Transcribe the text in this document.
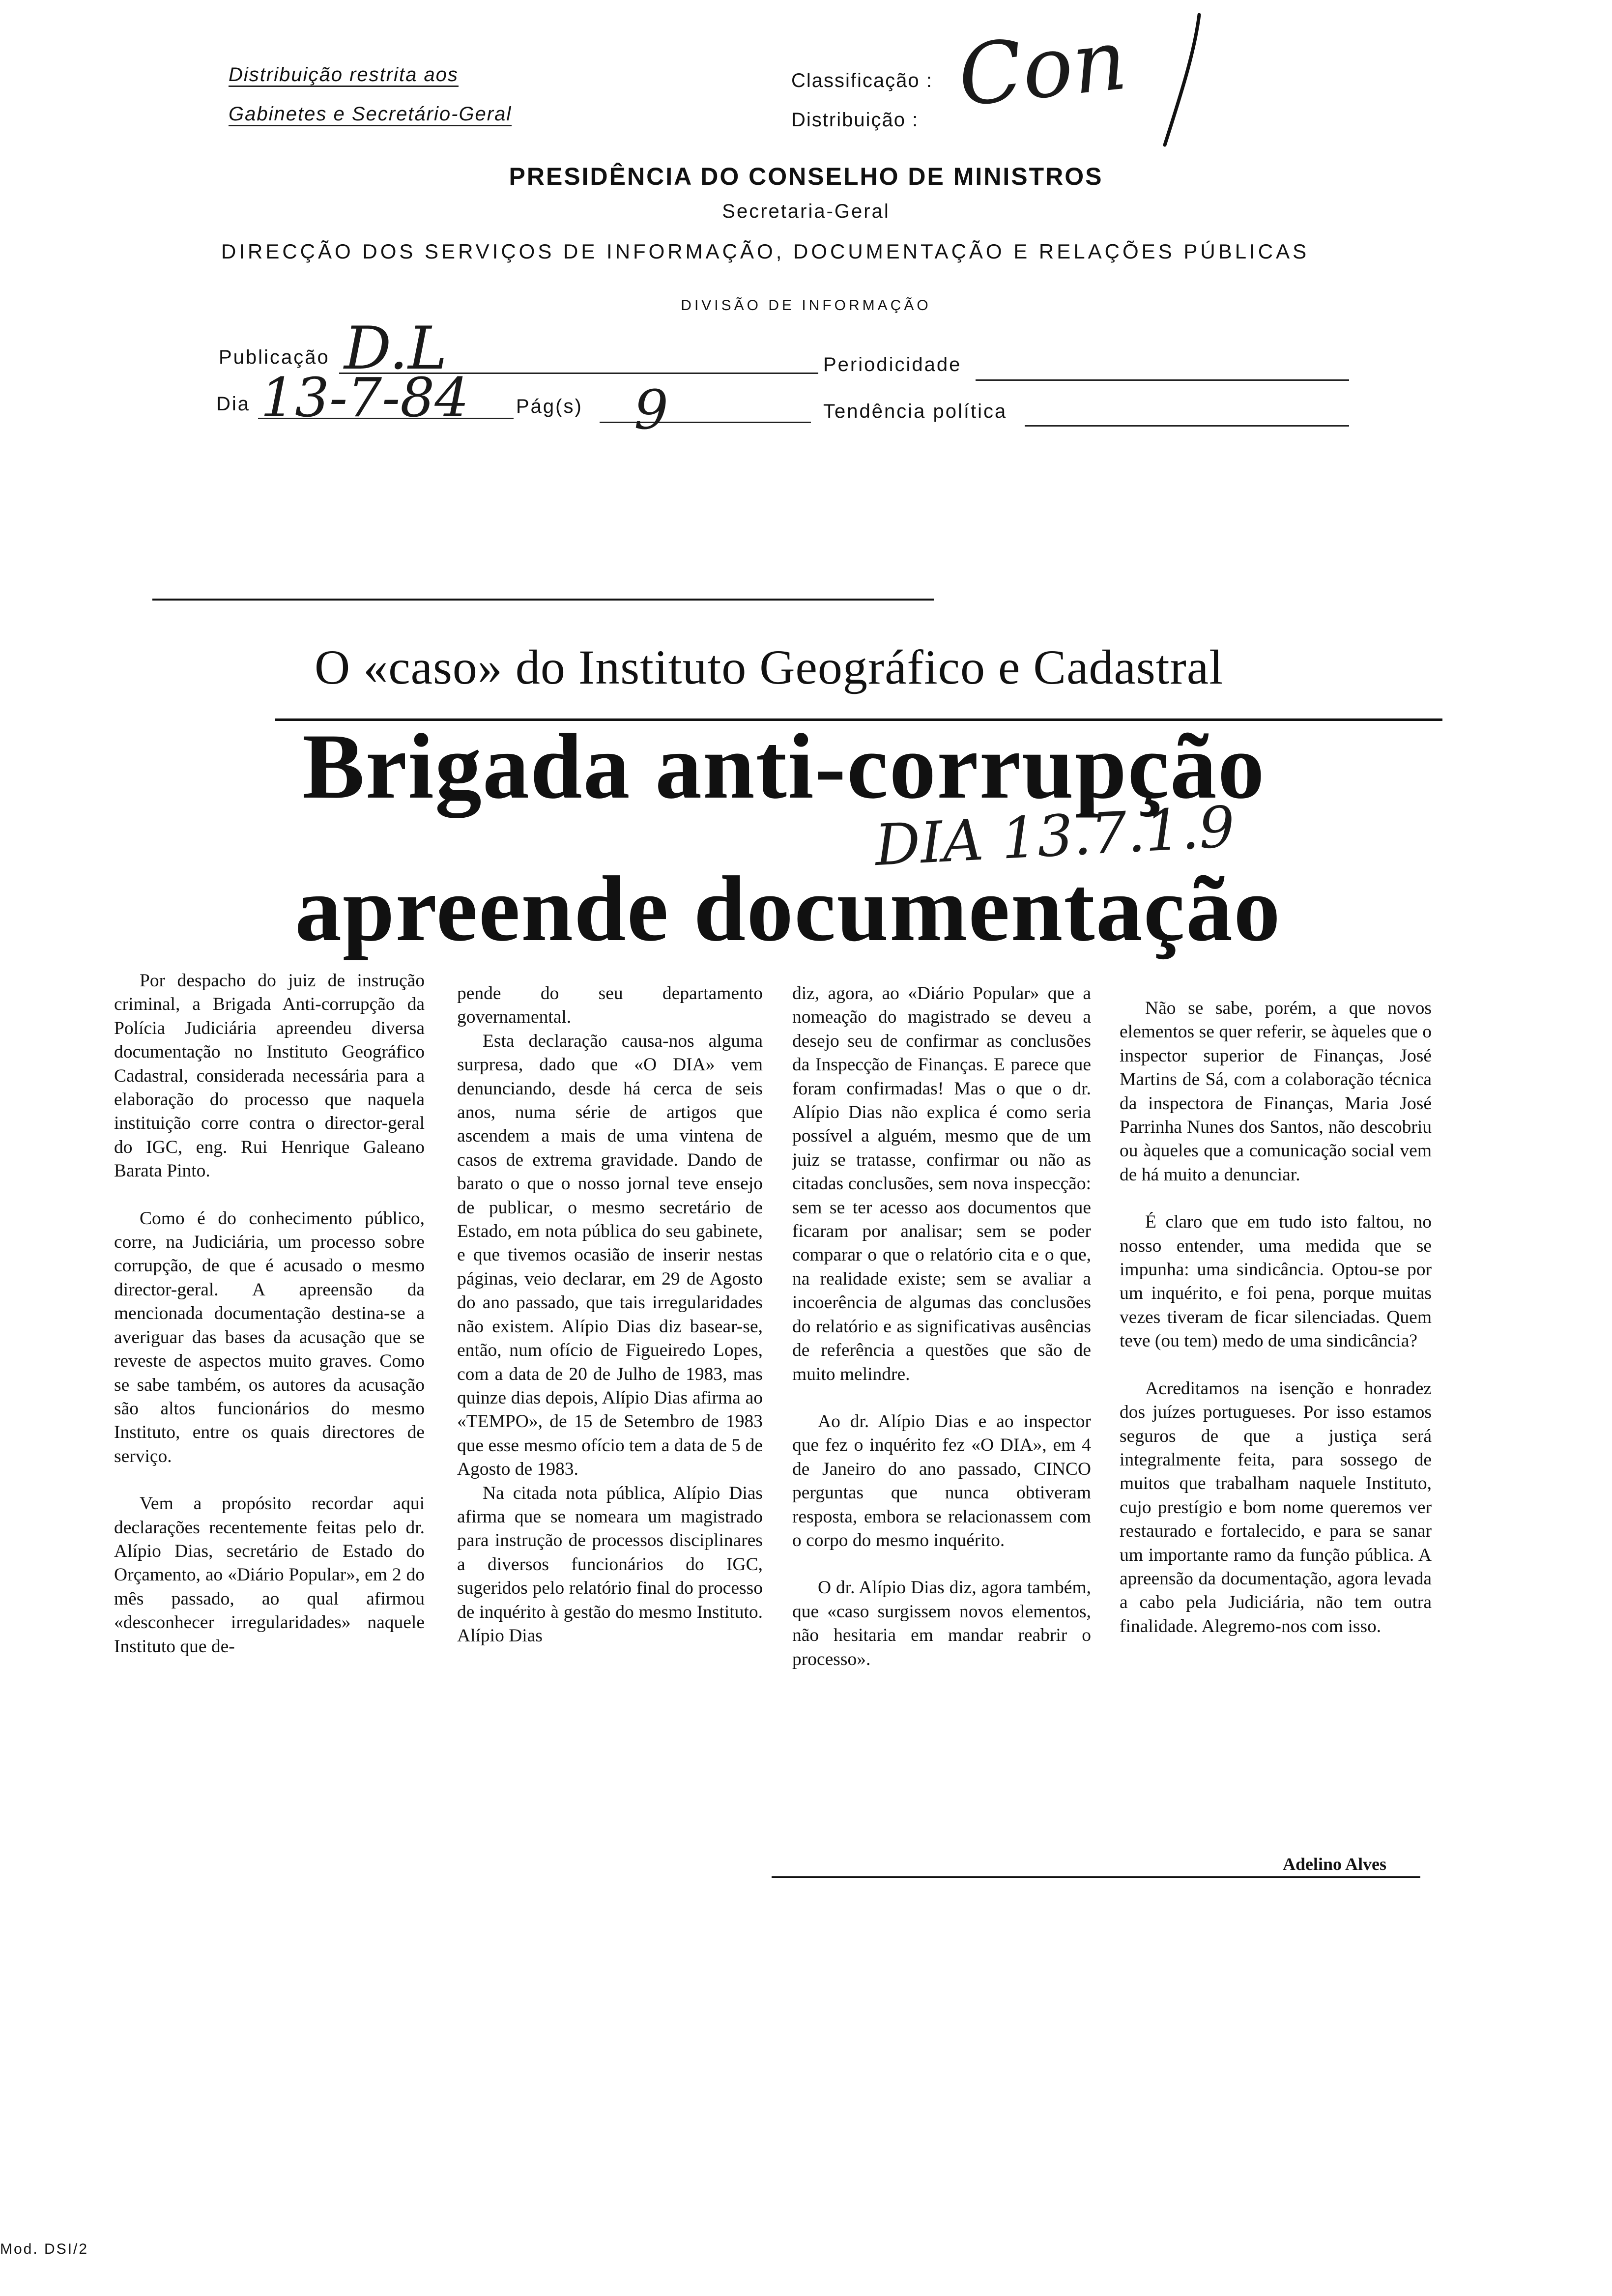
Distribuição restrita aos
Gabinetes e Secretário-Geral
Classificação :
Distribuição : Con
PRESIDÊNCIA DO CONSELHO DE MINISTROS
Secretaria-Geral
DIRECÇÃO DOS SERVIÇOS DE INFORMAÇÃO, DOCUMENTAÇÃO E RELAÇÕES PÚBLICAS
DIVISÃO DE INFORMAÇÃO
Publicação D.L	Periodicidade
Dia 13-7-84 Pág(s) 9	Tendência política
O «caso» do Instituto Geográfico e Cadastral
Brigada anti-corrupção
DIA 13.7.1.9
apreende documentação

Por despacho do juiz de instrução criminal, a Brigada Anti-corrupção da Polícia Judiciária apreendeu diversa documentação no Instituto Geográfico Cadastral, considerada necessária para a elaboração do processo que naquela instituição corre contra o director-geral do IGC, eng. Rui Henrique Galeano Barata Pinto.

Como é do conhecimento público, corre, na Judiciária, um processo sobre corrupção, de que é acusado o mesmo director-geral. A apreensão da mencionada documentação destina-se a averiguar das bases da acusação que se reveste de aspectos muito graves. Como se sabe também, os autores da acusação são altos funcionários do mesmo Instituto, entre os quais directores de serviço.

Vem a propósito recordar aqui declarações recentemente feitas pelo dr. Alípio Dias, secretário de Estado do Orçamento, ao «Diário Popular», em 2 do mês passado, ao qual afirmou «desconhecer irregularidades» naquele Instituto que de-

pende do seu departamento governamental.

Esta declaração causa-nos alguma surpresa, dado que «O DIA» vem denunciando, desde há cerca de seis anos, numa série de artigos que ascendem a mais de uma vintena de casos de extrema gravidade. Dando de barato o que o nosso jornal teve ensejo de publicar, o mesmo secretário de Estado, em nota pública do seu gabinete, e que tivemos ocasião de inserir nestas páginas, veio declarar, em 29 de Agosto do ano passado, que tais irregularidades não existem. Alípio Dias diz basear-se, então, num ofício de Figueiredo Lopes, com a data de 20 de Julho de 1983, mas quinze dias depois, Alípio Dias afirma ao «TEMPO», de 15 de Setembro de 1983 que esse mesmo ofício tem a data de 5 de Agosto de 1983.

Na citada nota pública, Alípio Dias afirma que se nomeara um magistrado para instrução de processos disciplinares a diversos funcionários do IGC, sugeridos pelo relatório final do processo de inquérito à gestão do mesmo Instituto. Alípio Dias

diz, agora, ao «Diário Popular» que a nomeação do magistrado se deveu a desejo seu de confirmar as conclusões da Inspecção de Finanças. E parece que foram confirmadas! Mas o que o dr. Alípio Dias não explica é como seria possível a alguém, mesmo que de um juiz se tratasse, confirmar ou não as citadas conclusões, sem nova inspecção: sem se ter acesso aos documentos que ficaram por analisar; sem se poder comparar o que o relatório cita e o que, na realidade existe; sem se avaliar a incoerência de algumas das conclusões do relatório e as significativas ausências de referência a questões que são de muito melindre.

Ao dr. Alípio Dias e ao inspector que fez o inquérito fez «O DIA», em 4 de Janeiro do ano passado, CINCO perguntas que nunca obtiveram resposta, embora se relacionassem com o corpo do mesmo inquérito.

O dr. Alípio Dias diz, agora também, que «caso surgissem novos elementos, não hesitaria em mandar reabrir o processo».

Não se sabe, porém, a que novos elementos se quer referir, se àqueles que o inspector superior de Finanças, José Martins de Sá, com a colaboração técnica da inspectora de Finanças, Maria José Parrinha Nunes dos Santos, não descobriu ou àqueles que a comunicação social vem de há muito a denunciar.

É claro que em tudo isto faltou, no nosso entender, uma medida que se impunha: uma sindicância. Optou-se por um inquérito, e foi pena, porque muitas vezes tiveram de ficar silenciadas. Quem teve (ou tem) medo de uma sindicância?

Acreditamos na isenção e honradez dos juízes portugueses. Por isso estamos seguros de que a justiça será integralmente feita, para sossego de muitos que trabalham naquele Instituto, cujo prestígio e bom nome queremos ver restaurado e fortalecido, e para se sanar um importante ramo da função pública. A apreensão da documentação, agora levada a cabo pela Judiciária, não tem outra finalidade. Alegremo-nos com isso.

Adelino Alves
Mod. DSI/2
